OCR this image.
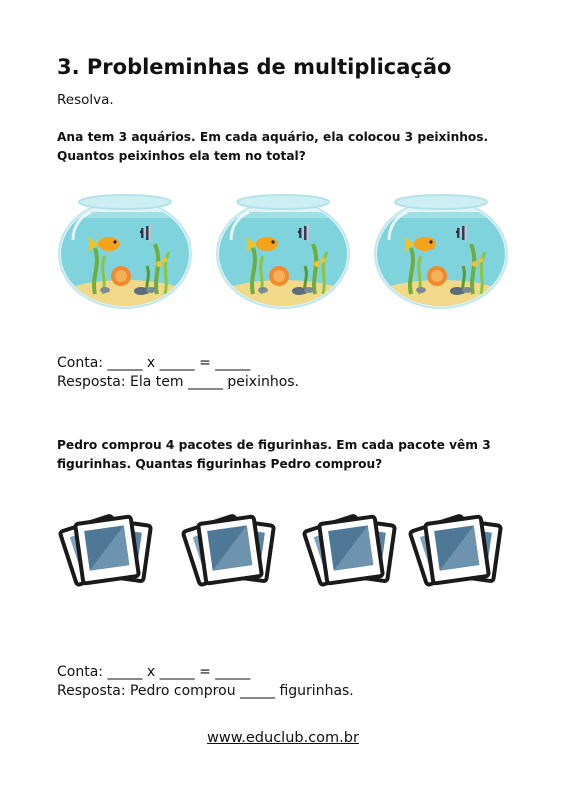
3. Probleminhas de multiplicação
Resolva.
Ana tem 3 aquários. Em cada aquário, ela colocou 3 peixinhos. Quantos peixinhos ela tem no total?
Conta: _____ x _____ = _____
Resposta: Ela tem _____ peixinhos.
Pedro comprou 4 pacotes de figurinhas. Em cada pacote vêm 3 figurinhas. Quantas figurinhas Pedro comprou?
Conta: _____ x _____ = _____
Resposta: Pedro comprou _____ figurinhas.
www.educlub.com.br
